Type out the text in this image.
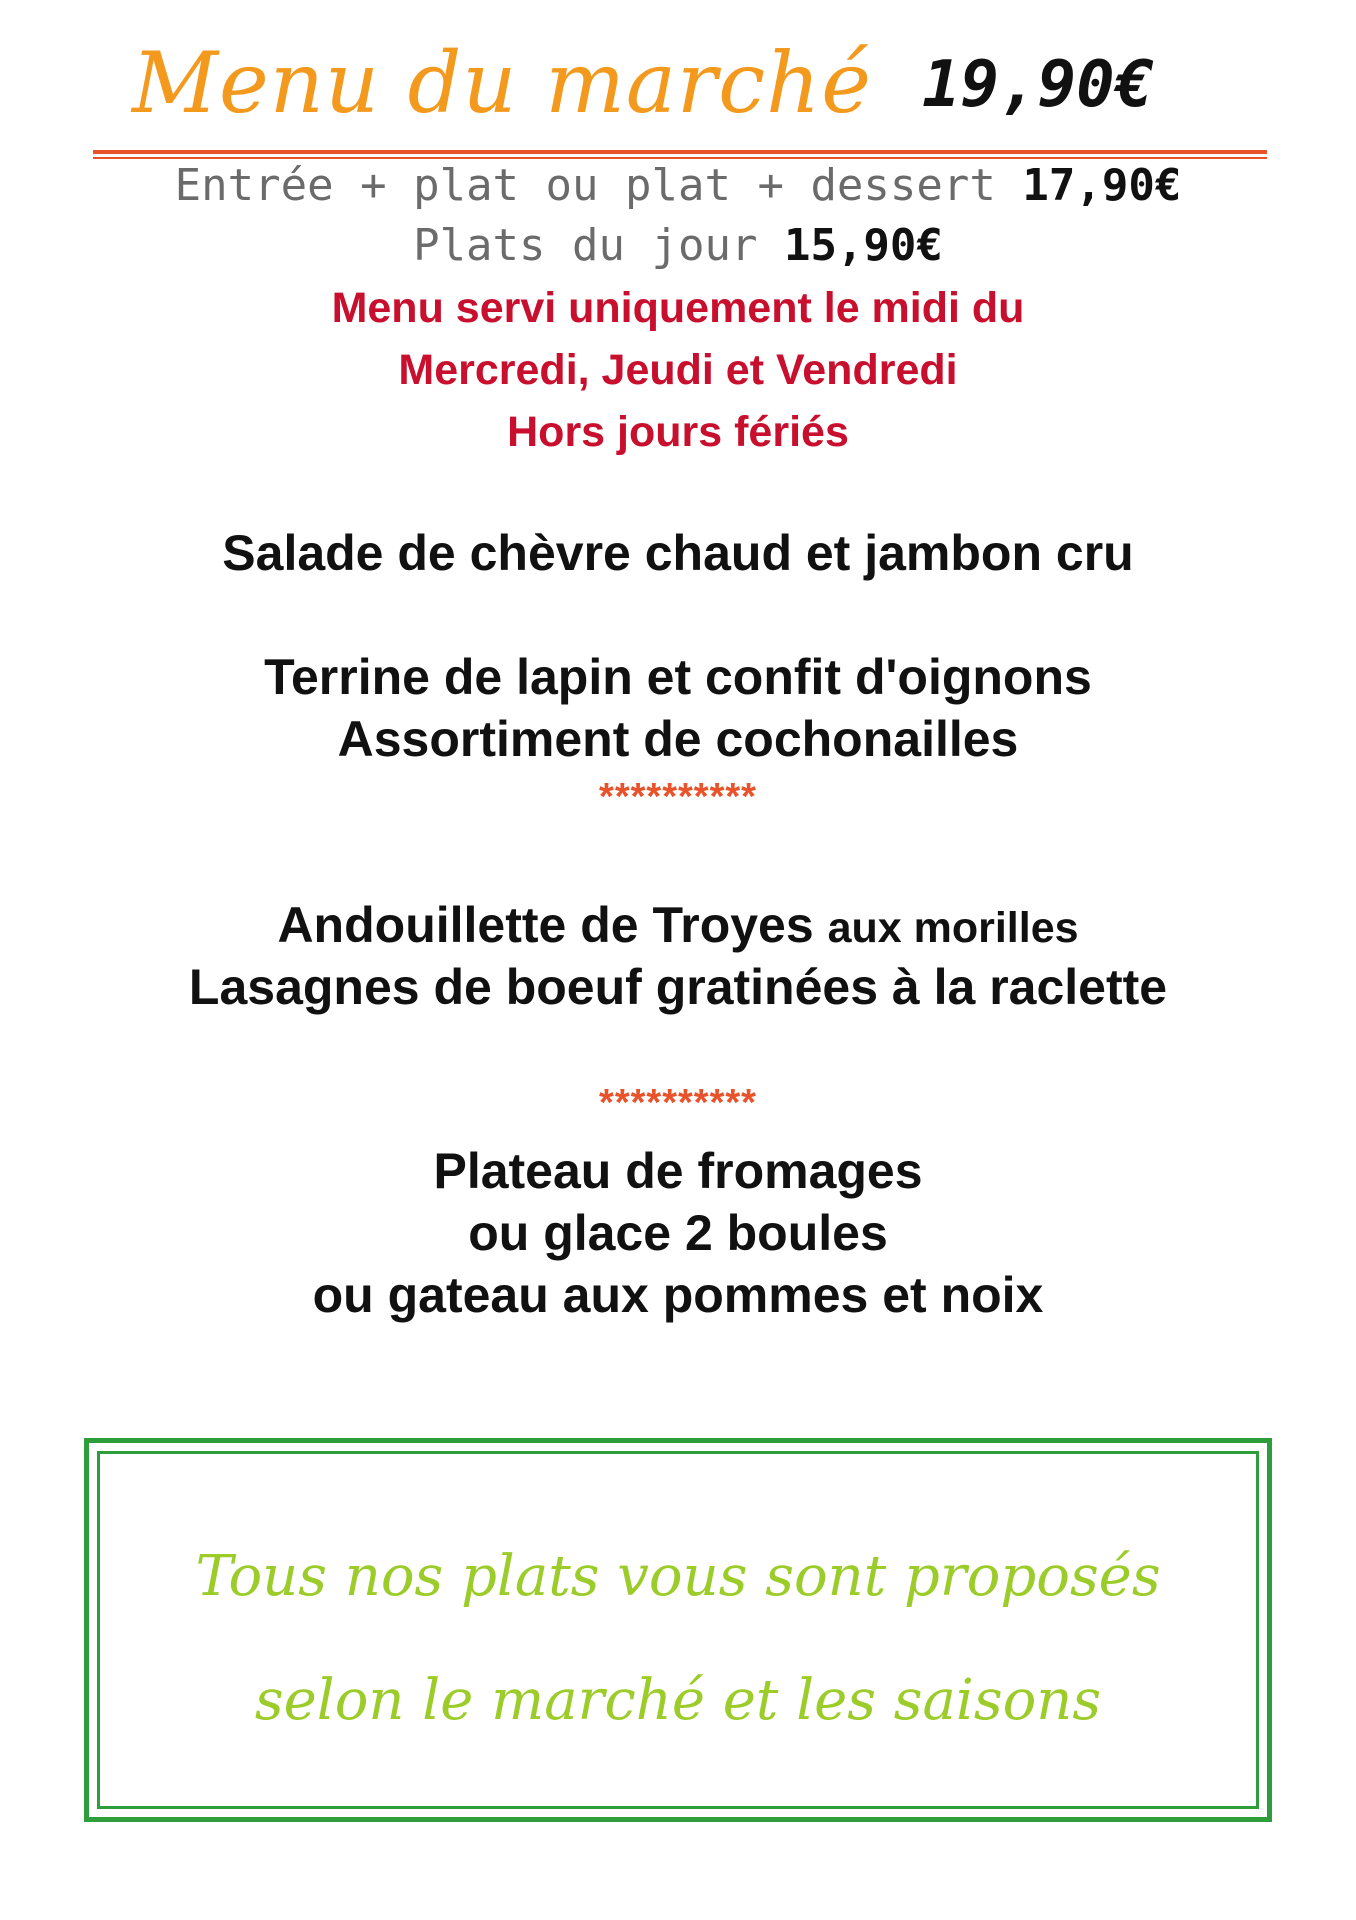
Menu du marché 19,90€
Entrée + plat ou plat + dessert 17,90€
Plats du jour 15,90€
Menu servi uniquement le midi du
Mercredi, Jeudi et Vendredi
Hors jours fériés
Salade de chèvre chaud et jambon cru
Terrine de lapin et confit d'oignons
Assortiment de cochonailles
**********
Andouillette de Troyes aux morilles
Lasagnes de boeuf gratinées à la raclette
**********
Plateau de fromages
ou glace 2 boules
ou gateau aux pommes et noix
Tous nos plats vous sont proposés
selon le marché et les saisons
